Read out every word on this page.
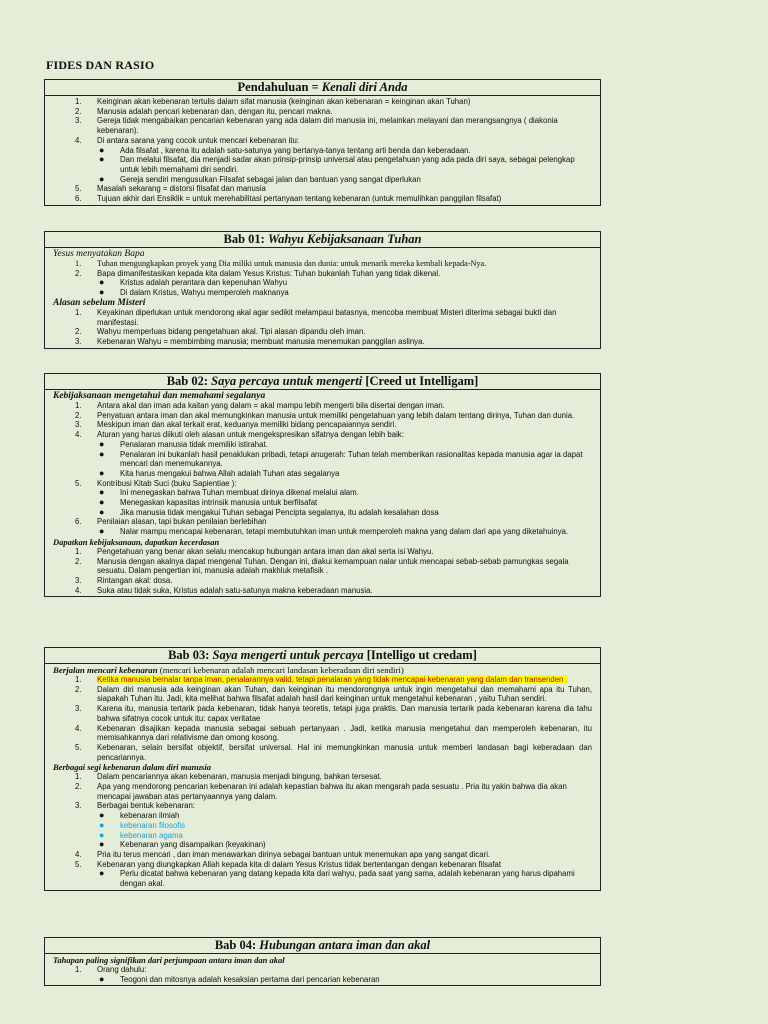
FIDES DAN RASIO
Pendahuluan = Kenali diri Anda
1.	Keinginan akan kebenaran tertulis dalam sifat manusia (keinginan akan kebenaran = keinginan akan Tuhan)
2.	Manusia adalah pencari kebenaran dan, dengan itu, pencari makna.
3.	Gereja tidak mengabaikan pencarian kebenaran yang ada dalam diri manusia ini, melainkan melayani dan merangsangnya ( diakonia kebenaran).
4.	Di antara sarana yang cocok untuk mencari kebenaran itu:
● Ada filsafat , karena itu adalah satu-satunya yang bertanya-tanya tentang arti benda dan keberadaan.
● Dan melalui filsafat, dia menjadi sadar akan prinsip-prinsip universal atau pengetahuan yang ada pada diri saya, sebagai pelengkap untuk lebih memahami diri sendiri.
● Gereja sendiri mengusulkan Filsafat sebagai jalan dan bantuan yang sangat diperlukan
5.	Masalah sekarang = distorsi filsafat dan manusia
6.	Tujuan akhir dari Ensiklik = untuk merehabilitasi pertanyaan tentang kebenaran (untuk memulihkan panggilan filsafat)
Bab 01: Wahyu Kebijaksanaan Tuhan
Yesus menyatakan Bapa
1.	Tuhan mengungkapkan proyek yang Dia miliki untuk manusia dan dunia: untuk menarik mereka kembali kepada-Nya.
2.	Bapa dimanifestasikan kepada kita dalam Yesus Kristus: Tuhan bukanlah Tuhan yang tidak dikenal.
● Kristus adalah perantara dan kepenuhan Wahyu
● Di dalam Kristus, Wahyu memperoleh maknanya
Alasan sebelum Misteri
1.	Keyakinan diperlukan untuk mendorong akal agar sedikit melampaui batasnya, mencoba membuat Misteri diterima sebagai bukti dan manifestasi.
2.	Wahyu memperluas bidang pengetahuan akal. Tipi alasan dipandu oleh iman.
3.	Kebenaran Wahyu = membimbing manusia; membuat manusia menemukan panggilan aslinya.
Bab 02: Saya percaya untuk mengerti [Creed ut Intelligam]
Kebijaksanaan mengetahui dan memahami segalanya
1.	Antara akal dan iman ada kaitan yang dalam = akal mampu lebih mengerti bila disertai dengan iman.
2.	Penyatuan antara iman dan akal memungkinkan manusia untuk memiliki pengetahuan yang lebih dalam tentang dirinya, Tuhan dan dunia.
3.	Meskipun iman dan akal terkait erat, keduanya memiliki bidang pencapaiannya sendiri.
4.	Aturan yang harus diikuti oleh alasan untuk mengekspresikan sifatnya dengan lebih baik:
● Penalaran manusia tidak memiliki istirahat.
● Penalaran ini bukanlah hasil penaklukan pribadi, tetapi anugerah: Tuhan telah memberikan rasionalitas kepada manusia agar ia dapat mencari dan menemukannya.
● Kita harus mengakui bahwa Allah adalah Tuhan atas segalanya
5.	Kontribusi Kitab Suci (buku Sapientiae ):
● Ini menegaskan bahwa Tuhan membuat dirinya dikenal melalui alam.
● Menegaskan kapasitas intrinsik manusia untuk berfilsafat
● Jika manusia tidak mengakui Tuhan sebagai Pencipta segalanya, itu adalah kesalahan dosa
6.	Penilaian alasan, tapi bukan penilaian berlebihan
● Nalar mampu mencapai kebenaran, tetapi membutuhkan iman untuk memperoleh makna yang dalam dari apa yang diketahuinya.
Dapatkan kebijaksanaan, dapatkan kecerdasan
1.	Pengetahuan yang benar akan selalu mencakup hubungan antara iman dan akal serta isi Wahyu.
2.	Manusia dengan akalnya dapat mengenal Tuhan. Dengan ini, diakui kemampuan nalar untuk mencapai sebab-sebab pamungkas segala sesuatu. Dalam pengertian ini, manusia adalah makhluk metafisik .
3.	Rintangan akal: dosa.
4.	Suka atau tidak suka, Kristus adalah satu-satunya makna keberadaan manusia.
Bab 03: Saya mengerti untuk percaya [Intelligo ut credam]
Berjalan mencari kebenaran (mencari kebenaran adalah mencari landasan keberadaan diri sendiri)
1.	Ketika manusia bernalar tanpa iman, penalarannya valid, tetapi penalaran yang tidak mencapai kebenaran yang dalam dan transenden .
2.	Dalam diri manusia ada keinginan akan Tuhan, dan keinginan itu mendorongnya untuk ingin mengetahui dan memahami apa itu Tuhan, siapakah Tuhan itu. Jadi, kita melihat bahwa filsafat adalah hasil dari keinginan untuk mengetahui kebenaran , yaitu Tuhan sendiri.
3.	Karena itu, manusia tertarik pada kebenaran, tidak hanya teoretis, tetapi juga praktis. Dan manusia tertarik pada kebenaran karena dia tahu bahwa sifatnya cocok untuk itu: capax veritatae
4.	Kebenaran disajikan kepada manusia sebagai sebuah pertanyaan . Jadi, ketika manusia mengetahui dan memperoleh kebenaran, itu memisahkannya dari relativisme dan omong kosong.
5.	Kebenaran, selain bersifat objektif, bersifat universal. Hal ini memungkinkan manusia untuk memberi landasan bagi keberadaan dan pencariannya.
Berbagai segi kebenaran dalam diri manusia
1.	Dalam pencariannya akan kebenaran, manusia menjadi bingung, bahkan tersesat.
2.	Apa yang mendorong pencarian kebenaran ini adalah kepastian bahwa itu akan mengarah pada sesuatu . Pria itu yakin bahwa dia akan mencapai jawaban atas pertanyaannya yang dalam.
3.	Berbagai bentuk kebenaran:
● kebenaran ilmiah
● kebenaran filosofis
● kebenaran agama
● Kebenaran yang disampaikan (keyakinan)
4.	Pria itu terus mencari , dan iman menawarkan dirinya sebagai bantuan untuk menemukan apa yang sangat dicari.
5.	Kebenaran yang diungkapkan Allah kepada kita di dalam Yesus Kristus tidak bertentangan dengan kebenaran filsafat
● Perlu dicatat bahwa kebenaran yang datang kepada kita dari wahyu, pada saat yang sama, adalah kebenaran yang harus dipahami dengan akal.
Bab 04: Hubungan antara iman dan akal
Tahapan paling signifikan dari perjumpaan antara iman dan akal
1.	Orang dahulu:
● Teogoni dan mitosnya adalah kesaksian pertama dari pencarian kebenaran
